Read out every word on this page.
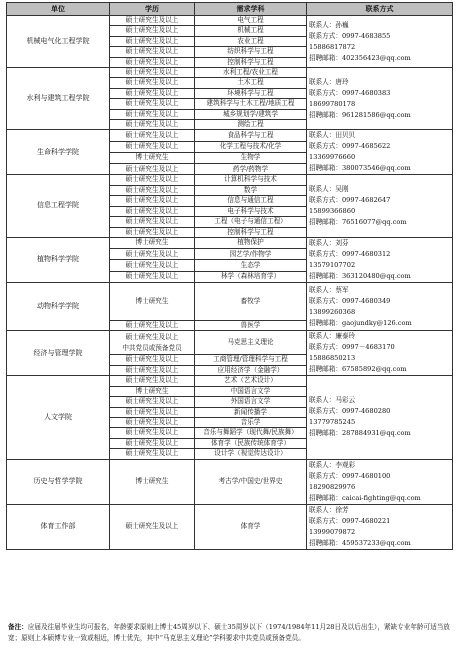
单位	学历	需求学科	联系方式
机械电气化工程学院	硕士研究生及以上	电气工程	联系人：孙巍
联系方式：0997-4683855
15886817872
招聘邮箱：402356423@qq.com

	硕士研究生及以上	机械工程	
	硕士研究生及以上	农业工程	
	硕士研究生及以上	纺织科学与工程	
	硕士研究生及以上	控制科学与工程	
水利与建筑工程学院	硕士研究生及以上	水利工程/农业工程	联系人：唐玲
联系方式：0997-4680383
18699780178
招聘邮箱：961281586@qq.com

	硕士研究生及以上	土木工程	
	硕士研究生及以上	环境科学与工程	
	硕士研究生及以上	建筑科学与土木工程/地质工程	
	硕士研究生及以上	城乡规划学/建筑学	
	硕士研究生及以上	测绘工程	
生命科学学院	硕士研究生及以上	食品科学与工程	联系人：田贝贝
联系方式：0997-4685622
13369976660
招聘邮箱：380073546@qq.com

	硕士研究生及以上	化学工程与技术/化学	
	博士研究生	生物学	
	硕士研究生及以上	药学/药物学	
信息工程学院	硕士研究生及以上	计算机科学与技术	联系人：吴刚
联系方式：0997-4682647
15899366860
招聘邮箱：76516077@qq.com

	硕士研究生及以上	数学	
	硕士研究生及以上	信息与通信工程	
	硕士研究生及以上	电子科学与技术	
	硕士研究生及以上	工程（电子与通信工程）	
	硕士研究生及以上	控制科学与工程	
植物科学学院	博士研究生	植物保护	联系人：刘芬
联系方式：0997-4680312
13579107702
招聘邮箱：363120480@qq.com

	硕士研究生及以上	园艺学/作物学	
	硕士研究生及以上	生态学	
	硕士研究生及以上	林学（森林培育学）	
动物科学学院	博士研究生	畜牧学	联系人：蔡军
联系方式：0997-4680349
13899260368
招聘邮箱：gaojundky@126.com

	硕士研究生及以上	兽医学	
经济与管理学院	硕士研究生及以上
中共党员或预备党员	马克思主义理论	联系人：廉泰玲
联系方式：0997－4683170
15886850213
招聘邮箱：67585892@qq.com

	硕士研究生及以上	工商管理/管理科学与工程	
	硕士研究生及以上	应用经济学（金融学）	
人文学院	硕士研究生及以上	艺术（艺术设计）	联系人：马彩云
联系方式：0997-4680280
13779785245
招聘邮箱：287884931@qq.com

	博士研究生	中国语言文学	
	硕士研究生及以上	外国语言文学	
	硕士研究生及以上	新闻传播学	
	硕士研究生及以上	音乐学	
	硕士研究生及以上	音乐与舞蹈学（现代舞/民族舞）	
	硕士研究生及以上	体育学（民族传统体育学）	
	硕士研究生及以上	设计学（视觉传达设计）	
历史与哲学学院	博士研究生	考古学/中国史/世界史	联系人：李观彩
联系方式：0997-4680100
18290829976
招聘邮箱：caicai-fighting@qq.com

体育工作部	硕士研究生及以上	体育学	联系人：徐芳
联系方式：0997-4680221
13999079872
招聘邮箱：459537233@qq.com
备注：应届及往届毕业生均可报名，年龄要求原则上博士45周岁以下、硕士35周岁以下（1974/1984年11月28日及以后出生），紧缺专业年龄可适当放宽；原则上本硕博专业一致或相近，博士优先，其中“马克思主义理论”学科要求中共党员或预备党员。
